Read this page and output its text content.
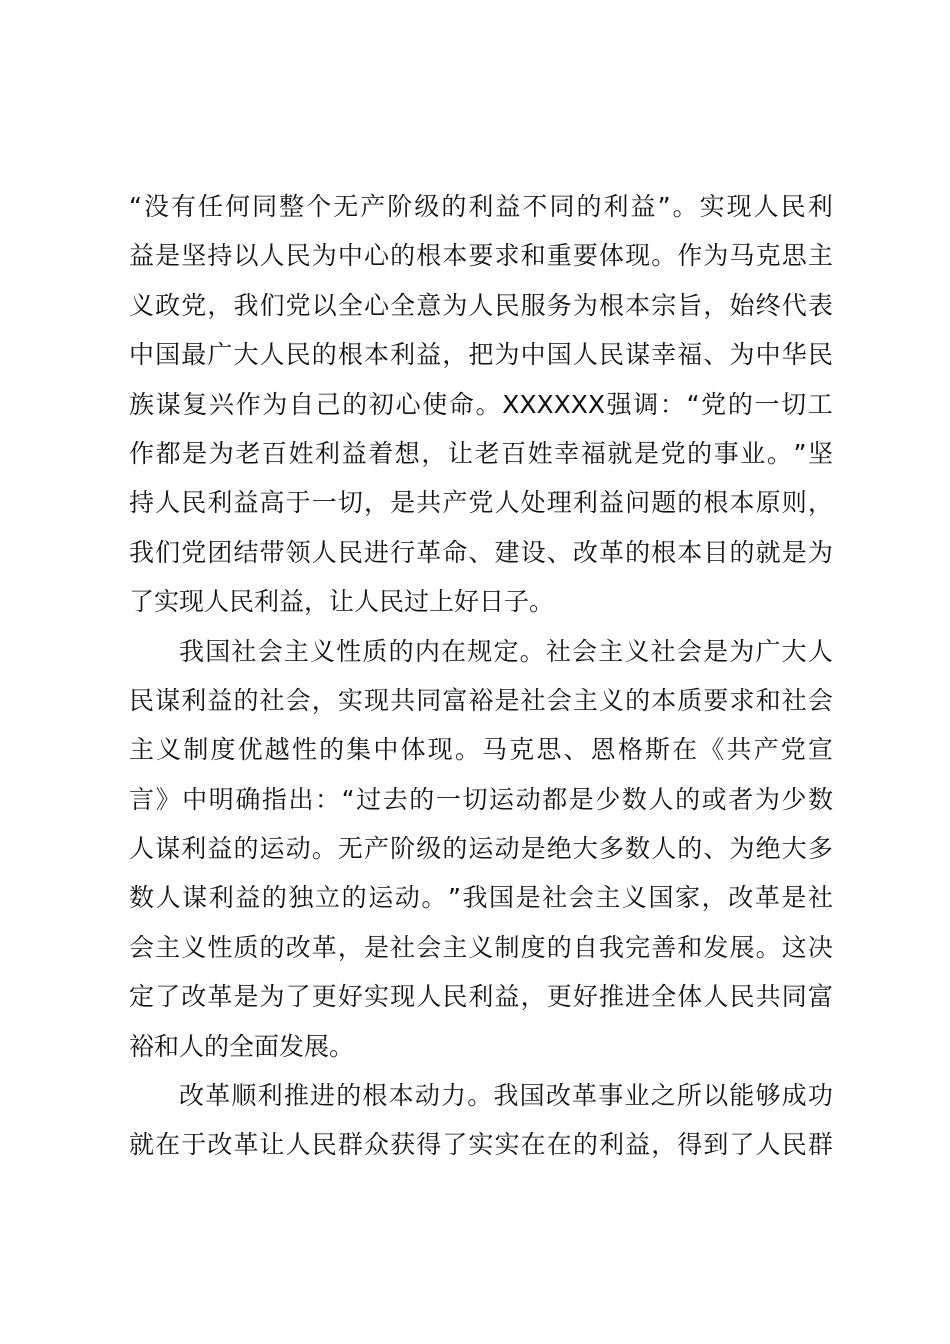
“ 没 有 任 何 同 整 个 无 产 阶 级 的 利 益 不 同 的 利 益 ” 。 实 现 人 民 利
益 是 坚 持 以 人 民 为 中 心 的 根 本 要 求 和 重 要 体 现 。 作 为 马 克 思 主
义 政 党 ， 我 们 党 以 全 心 全 意 为 人 民 服 务 为 根 本 宗 旨 ， 始 终 代 表
中 国 最 广 大 人 民 的 根 本 利 益 ， 把 为 中 国 人 民 谋 幸 福 、 为 中 华 民
族 谋 复 兴 作 为 自 己 的 初 心 使 命 。 XXXXXX 强 调 ： “ 党 的 一 切 工
作 都 是 为 老 百 姓 利 益 着 想 ， 让 老 百 姓 幸 福 就 是 党 的 事 业 。 ” 坚
持 人 民 利 益 高 于 一 切 ， 是 共 产 党 人 处 理 利 益 问 题 的 根 本 原 则 ，
我 们 党 团 结 带 领 人 民 进 行 革 命 、 建 设 、 改 革 的 根 本 目 的 就 是 为
了实现人民利益，让人民过上好日子。
我 国 社 会 主 义 性 质 的 内 在 规 定 。 社 会 主 义 社 会 是 为 广 大 人
民 谋 利 益 的 社 会 ， 实 现 共 同 富 裕 是 社 会 主 义 的 本 质 要 求 和 社 会
主 义 制 度 优 越 性 的 集 中 体 现 。 马 克 思 、 恩 格 斯 在 《 共 产 党 宣
言 》 中 明 确 指 出 ： “ 过 去 的 一 切 运 动 都 是 少 数 人 的 或 者 为 少 数
人 谋 利 益 的 运 动 。 无 产 阶 级 的 运 动 是 绝 大 多 数 人 的 、 为 绝 大 多
数 人 谋 利 益 的 独 立 的 运 动 。 ” 我 国 是 社 会 主 义 国 家 ， 改 革 是 社
会 主 义 性 质 的 改 革 ， 是 社 会 主 义 制 度 的 自 我 完 善 和 发 展 。 这 决
定 了 改 革 是 为 了 更 好 实 现 人 民 利 益 ， 更 好 推 进 全 体 人 民 共 同 富
裕和人的全面发展。
改 革 顺 利 推 进 的 根 本 动 力 。 我 国 改 革 事 业 之 所 以 能 够 成 功
就 在 于 改 革 让 人 民 群 众 获 得 了 实 实 在 在 的 利 益 ， 得 到 了 人 民 群
